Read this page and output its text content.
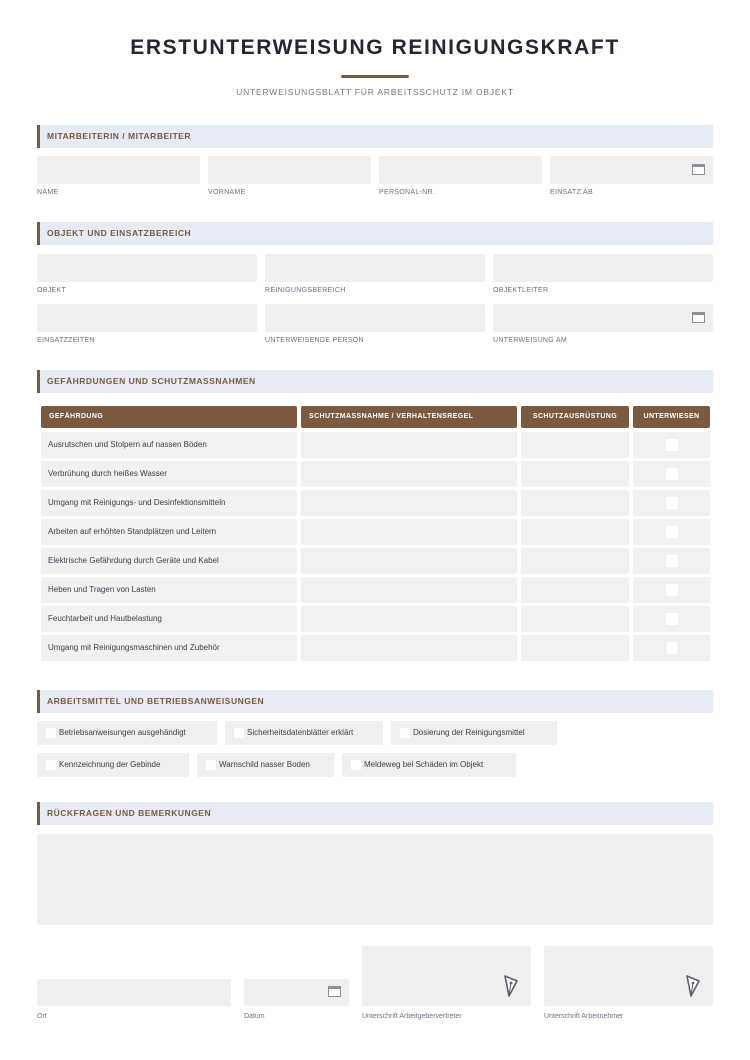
ERSTUNTERWEISUNG REINIGUNGSKRAFT
UNTERWEISUNGSBLATT FÜR ARBEITSSCHUTZ IM OBJEKT
MITARBEITERIN / MITARBEITER
NAME	VORNAME	PERSONAL-NR.	EINSATZ AB
OBJEKT UND EINSATZBEREICH
OBJEKT	REINIGUNGSBEREICH	OBJEKTLEITER
EINSATZZEITEN	UNTERWEISENDE PERSON	UNTERWEISUNG AM
GEFÄHRDUNGEN UND SCHUTZMASSNAHMEN
GEFÄHRDUNG	SCHUTZMASSNAHME / VERHALTENSREGEL	SCHUTZAUSRÜSTUNG	UNTERWIESEN
Ausrutschen und Stolpern auf nassen Böden
Verbrühung durch heißes Wasser
Umgang mit Reinigungs- und Desinfektionsmitteln
Arbeiten auf erhöhten Standplätzen und Leitern
Elektrische Gefährdung durch Geräte und Kabel
Heben und Tragen von Lasten
Feuchtarbeit und Hautbelastung
Umgang mit Reinigungsmaschinen und Zubehör
ARBEITSMITTEL UND BETRIEBSANWEISUNGEN
Betriebsanweisungen ausgehändigt	Sicherheitsdatenblätter erklärt	Dosierung der Reinigungsmittel
Kennzeichnung der Gebinde	Warnschild nasser Boden	Meldeweg bei Schäden im Objekt
RÜCKFRAGEN UND BEMERKUNGEN
Ort	Datum	Unterschrift Arbeitgebervertreter	Unterschrift Arbeitnehmer
